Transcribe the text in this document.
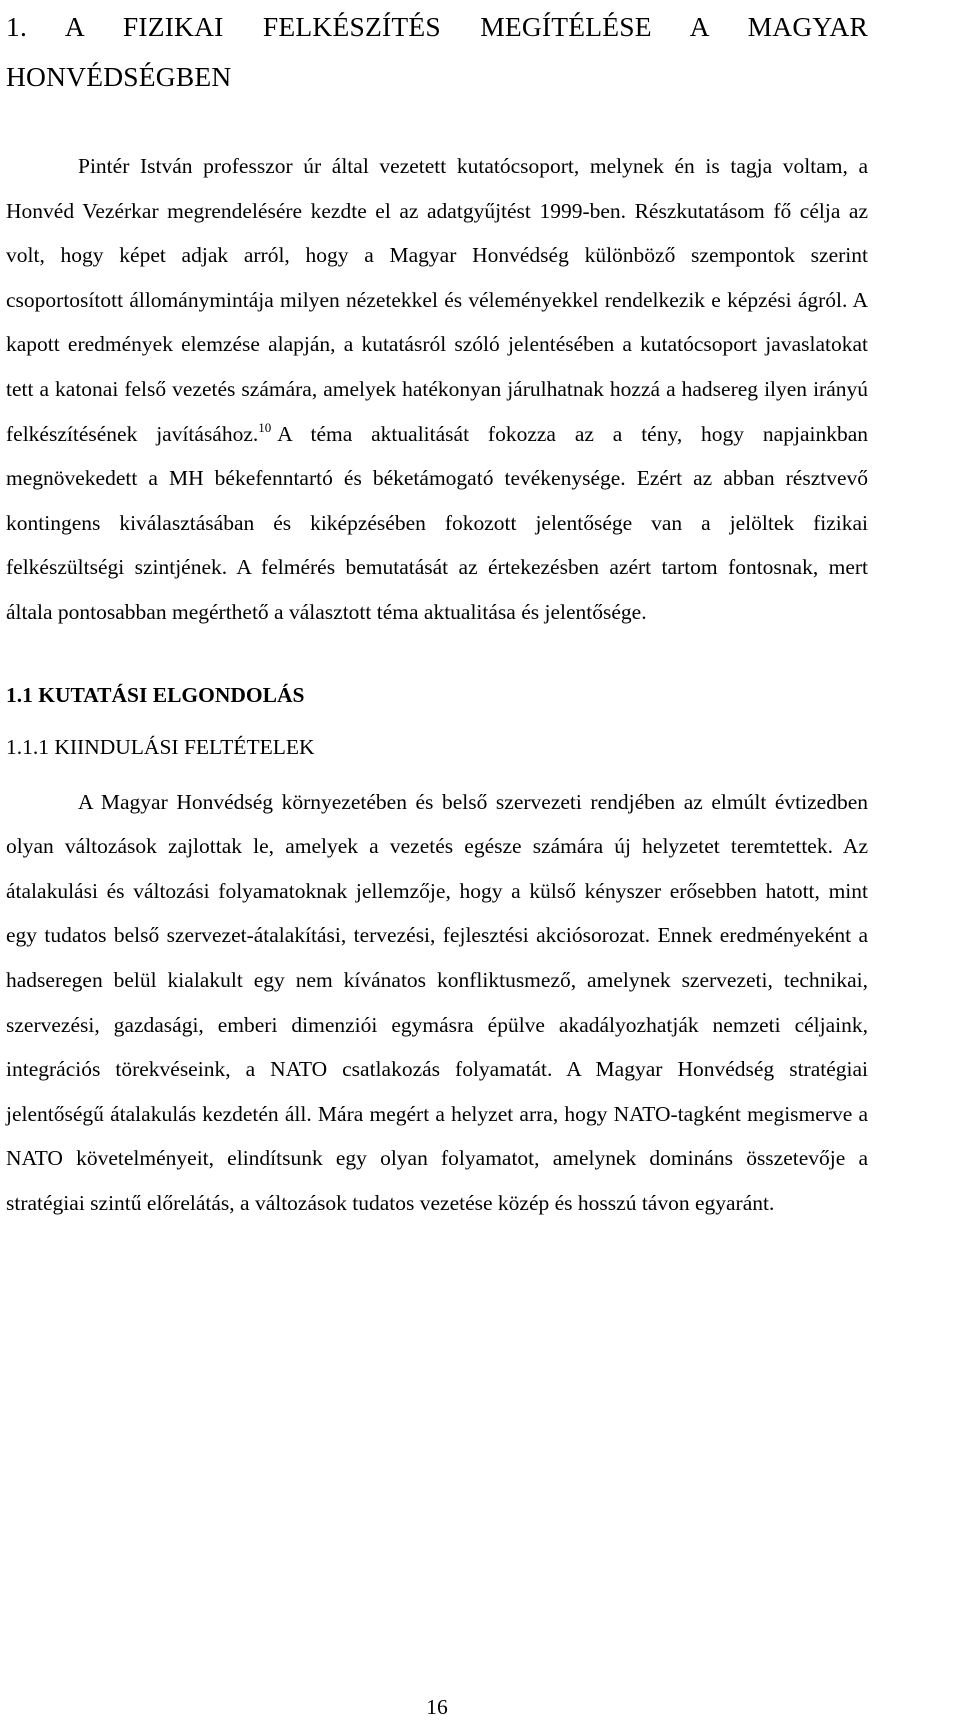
1. A FIZIKAI FELKÉSZÍTÉS MEGÍTÉLÉSE A MAGYAR HONVÉDSÉGBEN

Pintér István professzor úr által vezetett kutatócsoport, melynek én is tagja voltam, a Honvéd Vezérkar megrendelésére kezdte el az adatgyűjtést 1999-ben. Részkutatásom fő célja az volt, hogy képet adjak arról, hogy a Magyar Honvédség különböző szempontok szerint csoportosított állománymintája milyen nézetekkel és véleményekkel rendelkezik e képzési ágról. A kapott eredmények elemzése alapján, a kutatásról szóló jelentésében a kutatócsoport javaslatokat tett a katonai felső vezetés számára, amelyek hatékonyan járulhatnak hozzá a hadsereg ilyen irányú felkészítésének javításához.$^{10}$ A téma aktualitását fokozza az a tény, hogy napjainkban megnövekedett a MH békefenntartó és béketámogató tevékenysége. Ezért az abban résztvevő kontingens kiválasztásában és kiképzésében fokozott jelentősége van a jelöltek fizikai felkészültségi szintjének. A felmérés bemutatását az értekezésben azért tartom fontosnak, mert általa pontosabban megérthető a választott téma aktualitása és jelentősége.

1.1 KUTATÁSI ELGONDOLÁS
1.1.1 KIINDULÁSI FELTÉTELEK

A Magyar Honvédség környezetében és belső szervezeti rendjében az elmúlt évtizedben olyan változások zajlottak le, amelyek a vezetés egésze számára új helyzetet teremtettek. Az átalakulási és változási folyamatoknak jellemzője, hogy a külső kényszer erősebben hatott, mint egy tudatos belső szervezet-átalakítási, tervezési, fejlesztési akciósorozat. Ennek eredményeként a hadseregen belül kialakult egy nem kívánatos konfliktusmező, amelynek szervezeti, technikai, szervezési, gazdasági, emberi dimenziói egymásra épülve akadályozhatják nemzeti céljaink, integrációs törekvéseink, a NATO csatlakozás folyamatát. A Magyar Honvédség stratégiai jelentőségű átalakulás kezdetén áll. Mára megért a helyzet arra, hogy NATO-tagként megismerve a NATO követelményeit, elindítsunk egy olyan folyamatot, amelynek domináns összetevője a stratégiai szintű előrelátás, a változások tudatos vezetése közép és hosszú távon egyaránt.

16
